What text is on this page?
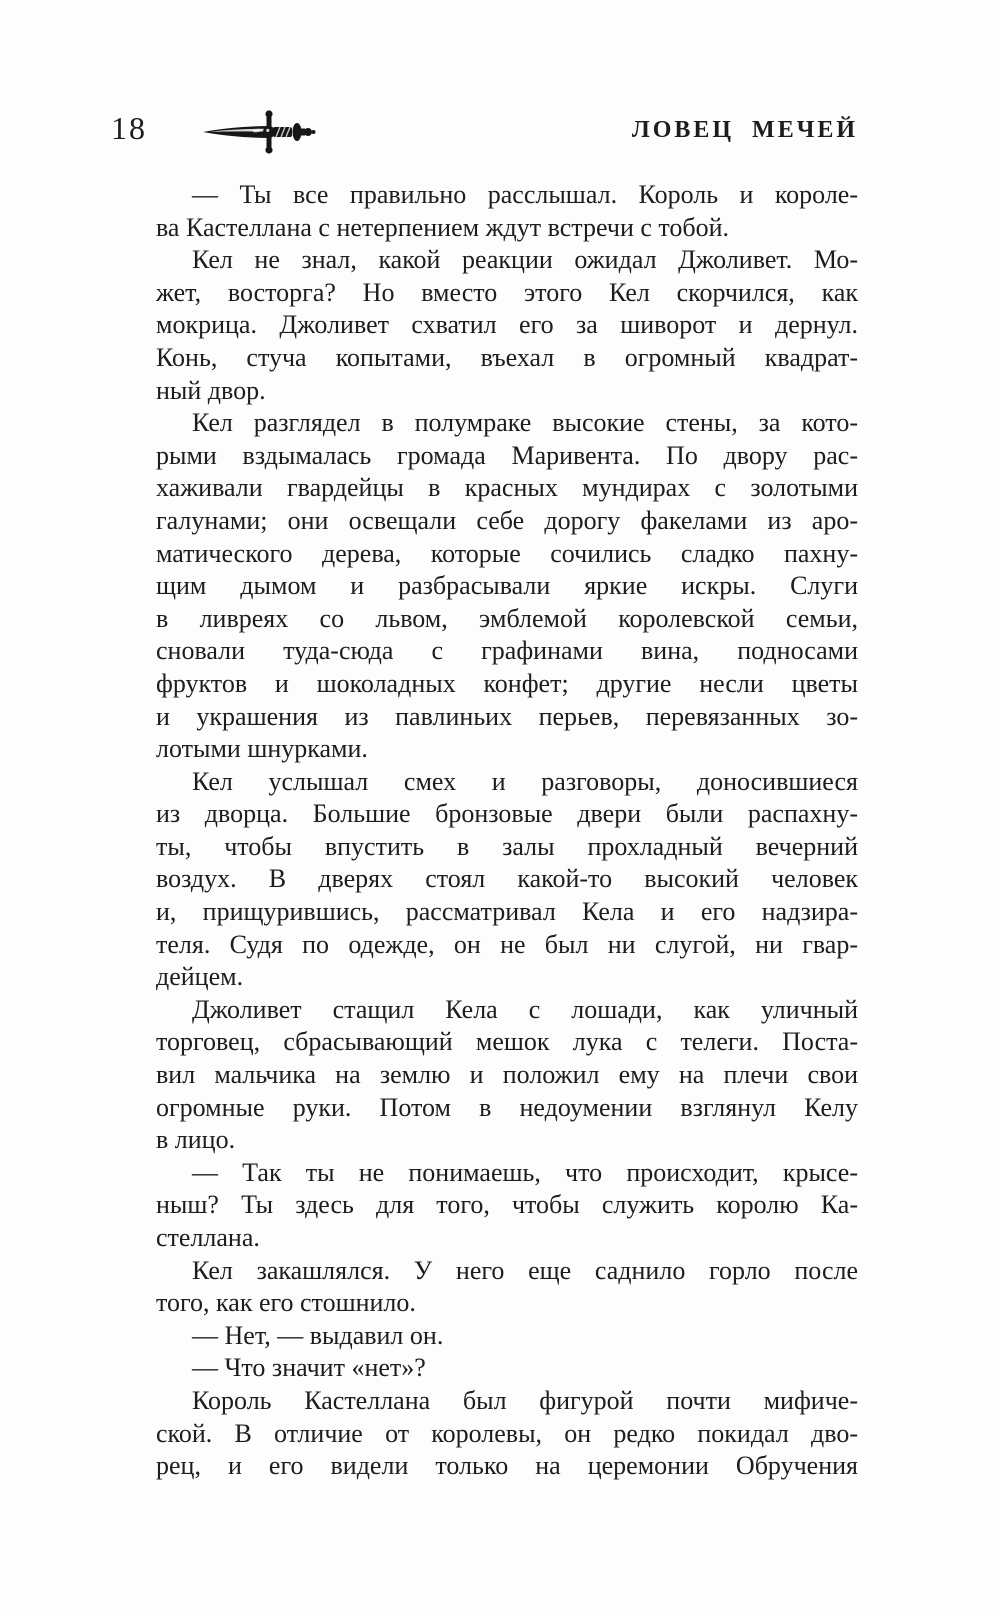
18	ЛОВЕЦ МЕЧЕЙ
— Ты все правильно расслышал. Король и короле-
ва Кастеллана с нетерпением ждут встречи с тобой.
Кел не знал, какой реакции ожидал Джоливет. Мо-
жет, восторга? Но вместо этого Кел скорчился, как
мокрица. Джоливет схватил его за шиворот и дернул.
Конь, стуча копытами, въехал в огромный квадрат-
ный двор.
Кел разглядел в полумраке высокие стены, за кото-
рыми вздымалась громада Маривента. По двору рас-
хаживали гвардейцы в красных мундирах с золотыми
галунами; они освещали себе дорогу факелами из аро-
матического дерева, которые сочились сладко пахну-
щим дымом и разбрасывали яркие искры. Слуги
в ливреях со львом, эмблемой королевской семьи,
сновали туда-сюда с графинами вина, подносами
фруктов и шоколадных конфет; другие несли цветы
и украшения из павлиньих перьев, перевязанных зо-
лотыми шнурками.
Кел услышал смех и разговоры, доносившиеся
из дворца. Большие бронзовые двери были распахну-
ты, чтобы впустить в залы прохладный вечерний
воздух. В дверях стоял какой-то высокий человек
и, прищурившись, рассматривал Кела и его надзира-
теля. Судя по одежде, он не был ни слугой, ни гвар-
дейцем.
Джоливет стащил Кела с лошади, как уличный
торговец, сбрасывающий мешок лука с телеги. Поста-
вил мальчика на землю и положил ему на плечи свои
огромные руки. Потом в недоумении взглянул Келу
в лицо.
— Так ты не понимаешь, что происходит, крысе-
ныш? Ты здесь для того, чтобы служить королю Ка-
стеллана.
Кел закашлялся. У него еще саднило горло после
того, как его стошнило.
— Нет, — выдавил он.
— Что значит «нет»?
Король Кастеллана был фигурой почти мифиче-
ской. В отличие от королевы, он редко покидал дво-
рец, и его видели только на церемонии Обручения
